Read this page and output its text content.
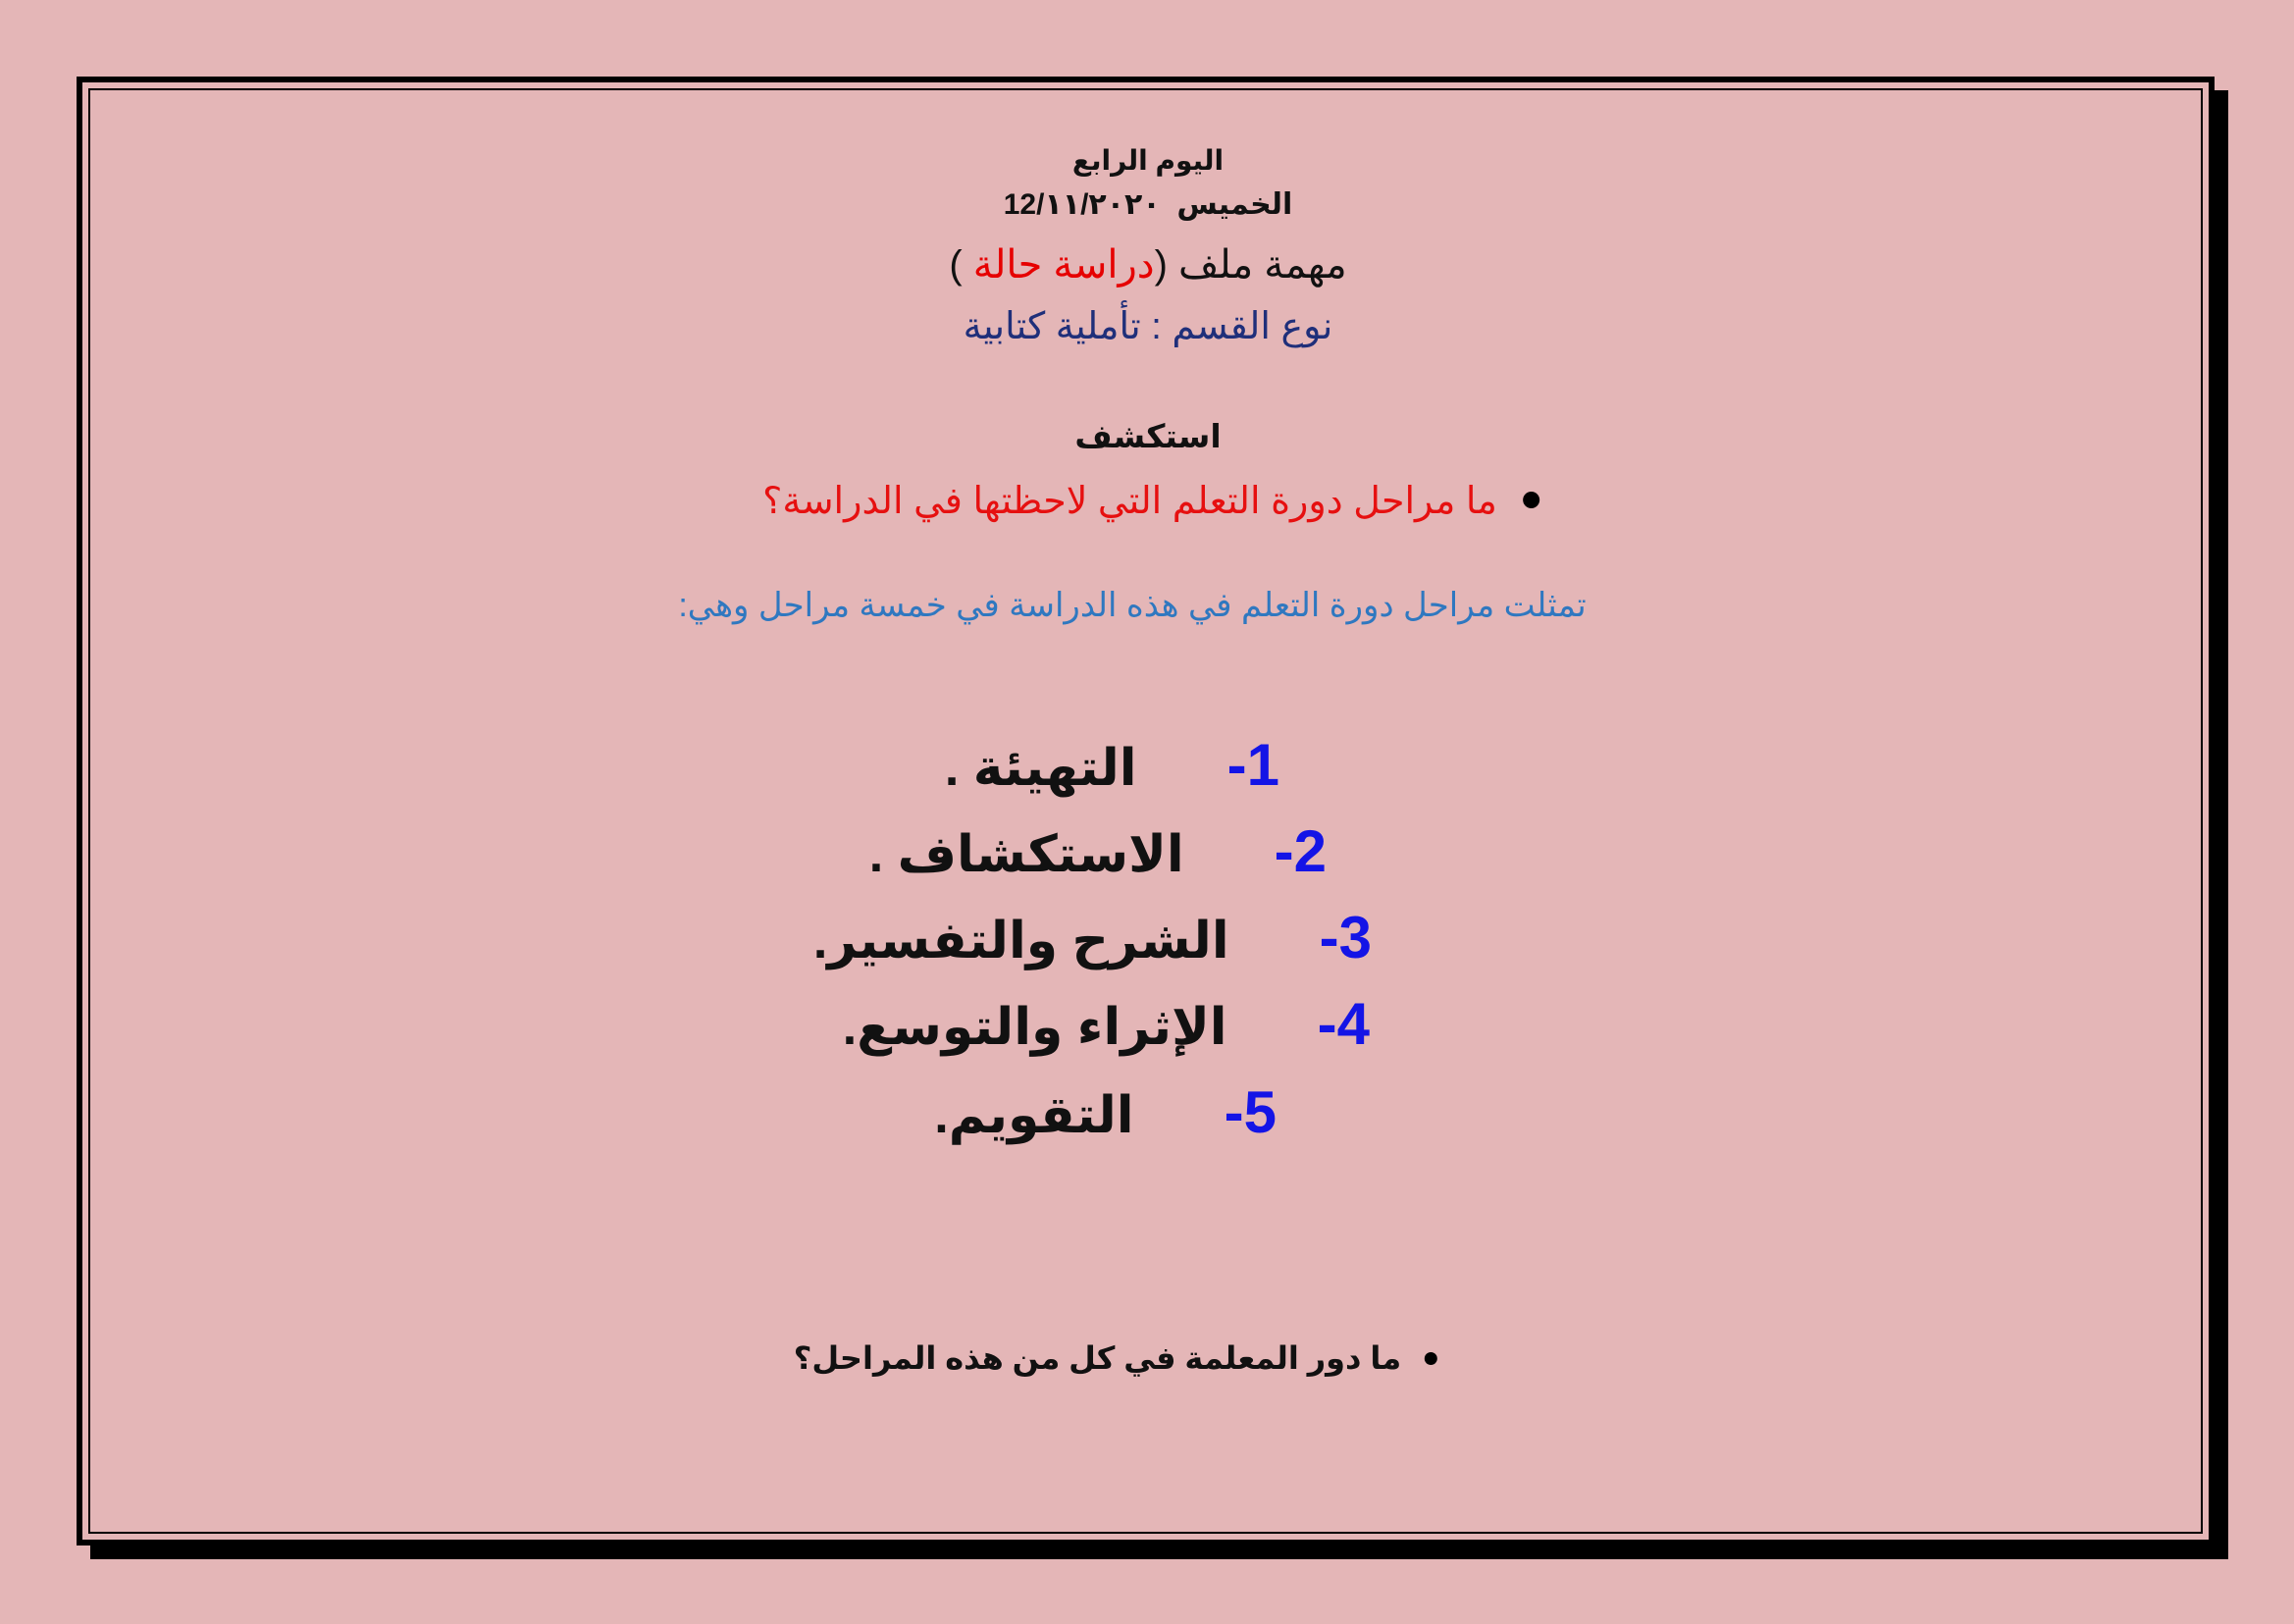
اليوم الرابع
الخميس  12/١١/٢٠٢٠
مهمة ملف (دراسة حالة )
نوع القسم : تأملية كتابية
استكشف
ما مراحل دورة التعلم التي لاحظتها في الدراسة؟
تمثلت مراحل دورة التعلم في هذه الدراسة في خمسة مراحل وهي:
-1التهيئة .
-2الاستكشاف .
-3الشرح والتفسير.
-4الإثراء والتوسع.
-5التقويم.
ما دور المعلمة في كل من هذه المراحل؟
